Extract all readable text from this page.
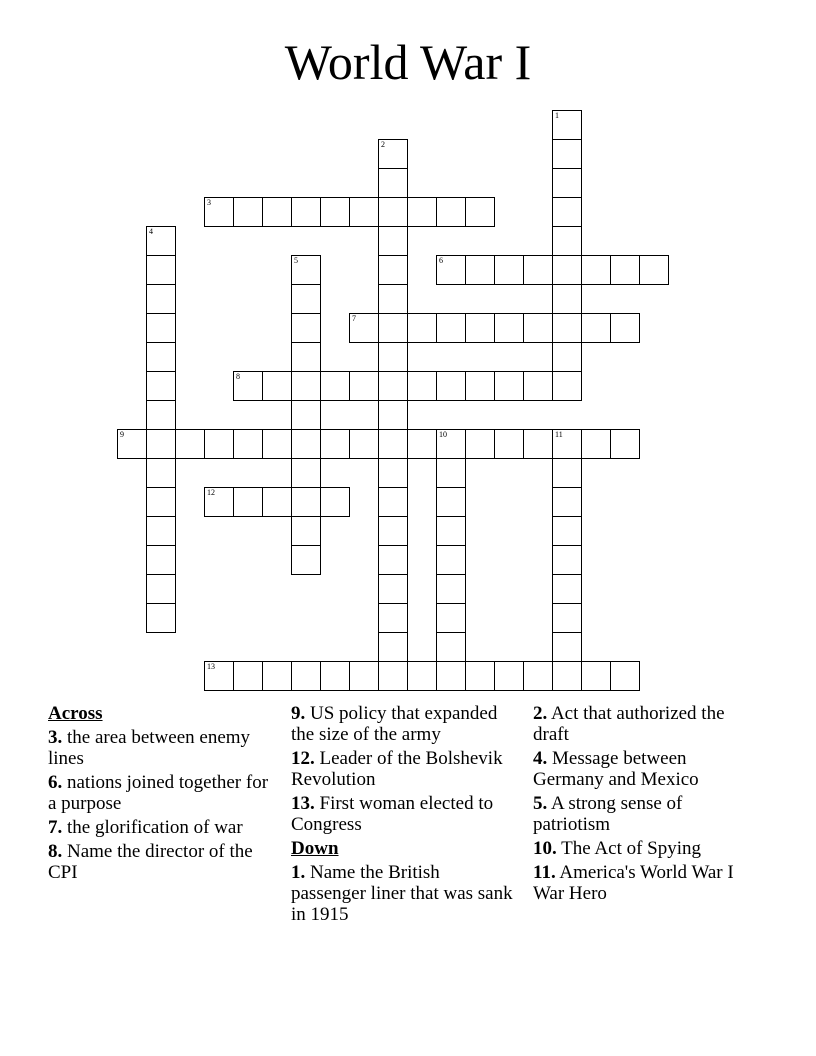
World War I
3
6
7
8
9	10	11
12
13
1
2
4
5
Across
3. the area between enemy lines
6. nations joined together for a purpose
7. the glorification of war
8. Name the director of the CPI
9. US policy that expanded the size of the army
12. Leader of the Bolshevik Revolution
13. First woman elected to Congress
Down
1. Name the British passenger liner that was sank in 1915
2. Act that authorized the draft
4. Message between Germany and Mexico
5. A strong sense of patriotism
10. The Act of Spying
11. America's World War I War Hero
